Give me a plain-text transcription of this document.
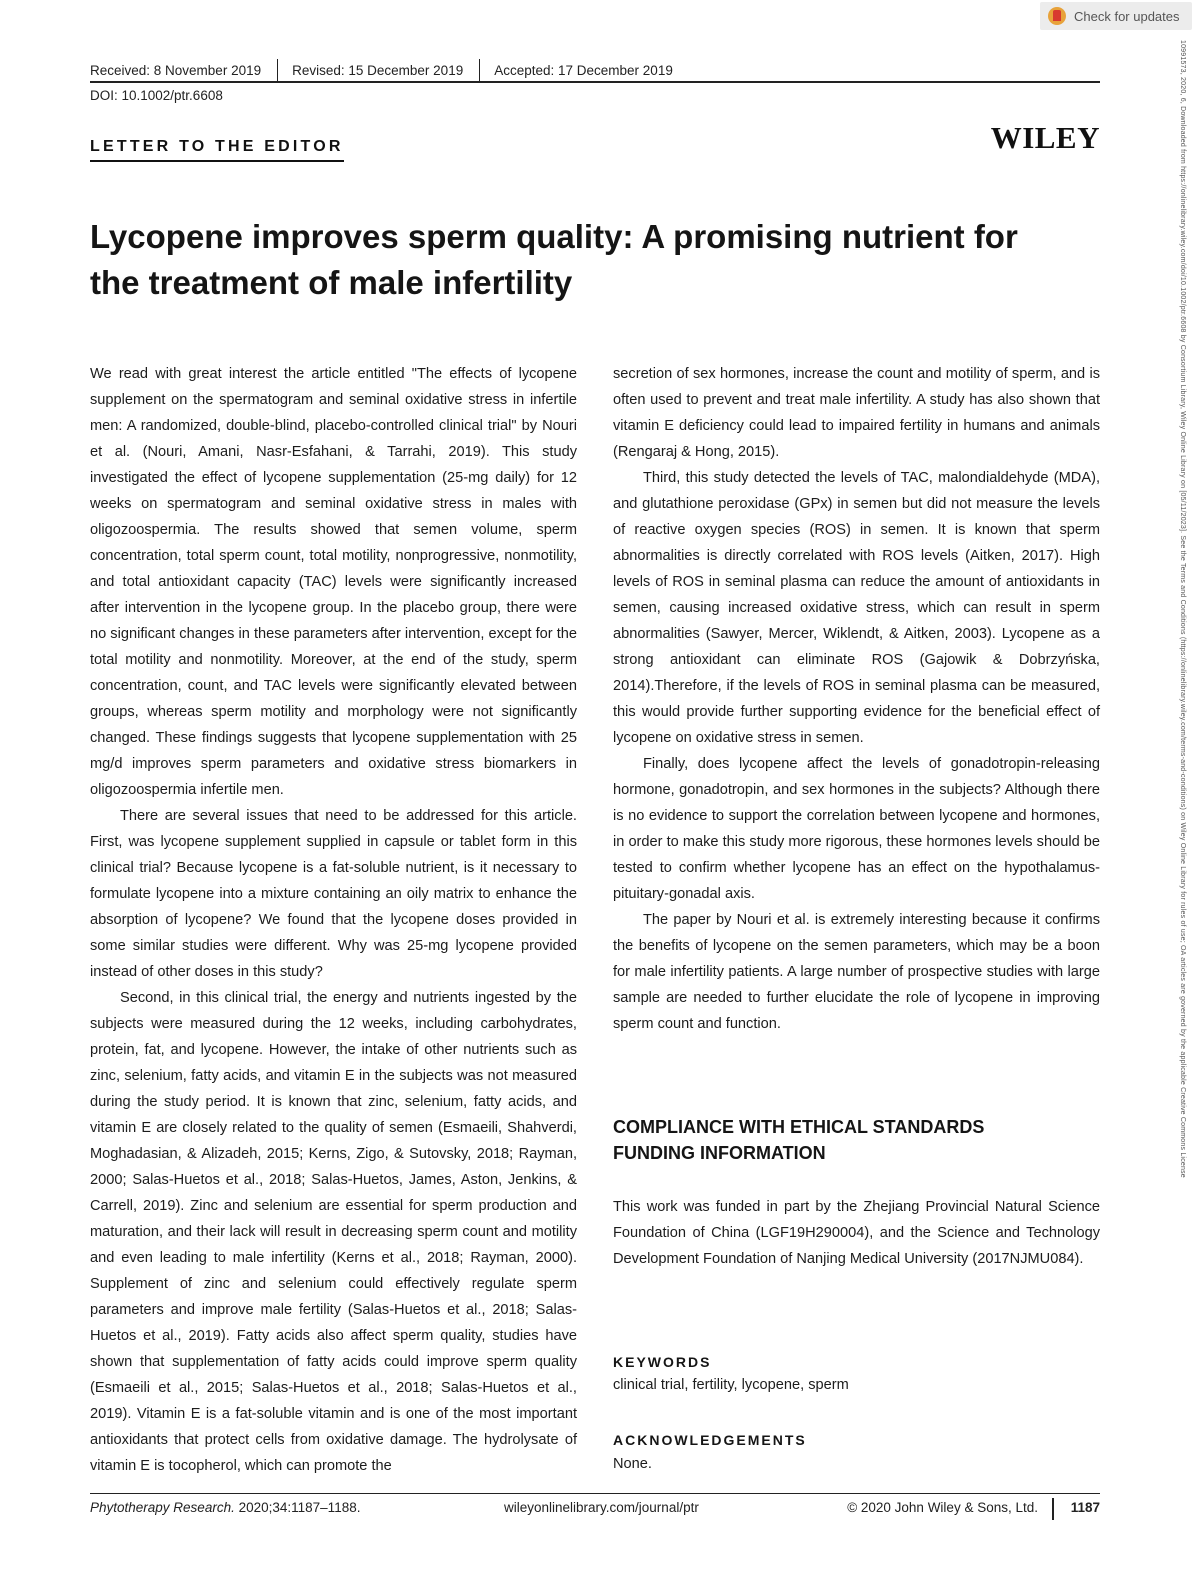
Check for updates
10991573, 2020, 6, Downloaded from https://onlinelibrary.wiley.com/doi/10.1002/ptr.6608 by Consortium Library, Wiley Online Library on [05/11/2023]. See the Terms and Conditions (https://onlinelibrary.wiley.com/terms-and-conditions) on Wiley Online Library for rules of use; OA articles are governed by the applicable Creative Commons License
Received: 8 November 2019	Revised: 15 December 2019	Accepted: 17 December 2019
DOI: 10.1002/ptr.6608
LETTER TO THE EDITOR	WILEY
Lycopene improves sperm quality: A promising nutrient for the treatment of male infertility

We read with great interest the article entitled "The effects of lycopene supplement on the spermatogram and seminal oxidative stress in infertile men: A randomized, double-blind, placebo-controlled clinical trial" by Nouri et al. (Nouri, Amani, Nasr-Esfahani, & Tarrahi, 2019). This study investigated the effect of lycopene supplementation (25-mg daily) for 12 weeks on spermatogram and seminal oxidative stress in males with oligozoospermia. The results showed that semen volume, sperm concentration, total sperm count, total motility, nonprogressive, nonmotility, and total antioxidant capacity (TAC) levels were significantly increased after intervention in the lycopene group. In the placebo group, there were no significant changes in these parameters after intervention, except for the total motility and nonmotility. Moreover, at the end of the study, sperm concentration, count, and TAC levels were significantly elevated between groups, whereas sperm motility and morphology were not significantly changed. These findings suggests that lycopene supplementation with 25 mg/d improves sperm parameters and oxidative stress biomarkers in oligozoospermia infertile men.

There are several issues that need to be addressed for this article. First, was lycopene supplement supplied in capsule or tablet form in this clinical trial? Because lycopene is a fat-soluble nutrient, is it necessary to formulate lycopene into a mixture containing an oily matrix to enhance the absorption of lycopene? We found that the lycopene doses provided in some similar studies were different. Why was 25-mg lycopene provided instead of other doses in this study?

Second, in this clinical trial, the energy and nutrients ingested by the subjects were measured during the 12 weeks, including carbohydrates, protein, fat, and lycopene. However, the intake of other nutrients such as zinc, selenium, fatty acids, and vitamin E in the subjects was not measured during the study period. It is known that zinc, selenium, fatty acids, and vitamin E are closely related to the quality of semen (Esmaeili, Shahverdi, Moghadasian, & Alizadeh, 2015; Kerns, Zigo, & Sutovsky, 2018; Rayman, 2000; Salas-Huetos et al., 2018; Salas-Huetos, James, Aston, Jenkins, & Carrell, 2019). Zinc and selenium are essential for sperm production and maturation, and their lack will result in decreasing sperm count and motility and even leading to male infertility (Kerns et al., 2018; Rayman, 2000). Supplement of zinc and selenium could effectively regulate sperm parameters and improve male fertility (Salas-Huetos et al., 2018; Salas-Huetos et al., 2019). Fatty acids also affect sperm quality, studies have shown that supplementation of fatty acids could improve sperm quality (Esmaeili et al., 2015; Salas-Huetos et al., 2018; Salas-Huetos et al., 2019). Vitamin E is a fat-soluble vitamin and is one of the most important antioxidants that protect cells from oxidative damage. The hydrolysate of vitamin E is tocopherol, which can promote the

secretion of sex hormones, increase the count and motility of sperm, and is often used to prevent and treat male infertility. A study has also shown that vitamin E deficiency could lead to impaired fertility in humans and animals (Rengaraj & Hong, 2015).

Third, this study detected the levels of TAC, malondialdehyde (MDA), and glutathione peroxidase (GPx) in semen but did not measure the levels of reactive oxygen species (ROS) in semen. It is known that sperm abnormalities is directly correlated with ROS levels (Aitken, 2017). High levels of ROS in seminal plasma can reduce the amount of antioxidants in semen, causing increased oxidative stress, which can result in sperm abnormalities (Sawyer, Mercer, Wiklendt, & Aitken, 2003). Lycopene as a strong antioxidant can eliminate ROS (Gajowik & Dobrzyńska, 2014).Therefore, if the levels of ROS in seminal plasma can be measured, this would provide further supporting evidence for the beneficial effect of lycopene on oxidative stress in semen.

Finally, does lycopene affect the levels of gonadotropin-releasing hormone, gonadotropin, and sex hormones in the subjects? Although there is no evidence to support the correlation between lycopene and hormones, in order to make this study more rigorous, these hormones levels should be tested to confirm whether lycopene has an effect on the hypothalamus-pituitary-gonadal axis.

The paper by Nouri et al. is extremely interesting because it confirms the benefits of lycopene on the semen parameters, which may be a boon for male infertility patients. A large number of prospective studies with large sample are needed to further elucidate the role of lycopene in improving sperm count and function.

COMPLIANCE WITH ETHICAL STANDARDS
FUNDING INFORMATION

This work was funded in part by the Zhejiang Provincial Natural Science Foundation of China (LGF19H290004), and the Science and Technology Development Foundation of Nanjing Medical University (2017NJMU084).

KEYWORDS
clinical trial, fertility, lycopene, sperm
ACKNOWLEDGEMENTS
None.
Phytotherapy Research. 2020;34:1187–1188.	wileyonlinelibrary.com/journal/ptr	© 2020 John Wiley & Sons, Ltd. 1187
